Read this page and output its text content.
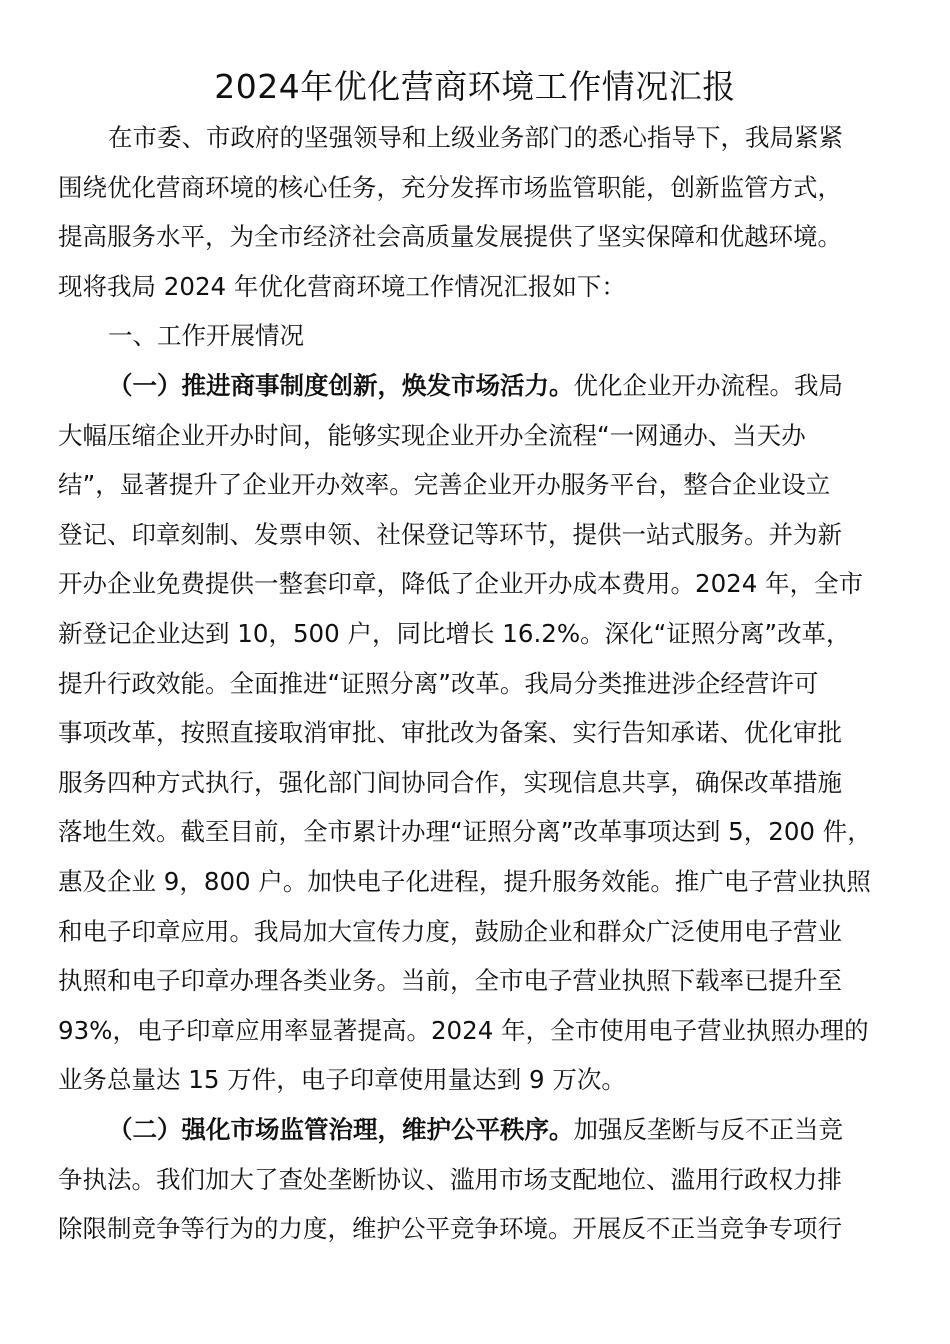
2024年优化营商环境工作情况汇报
在市委、市政府的坚强领导和上级业务部门的悉心指导下，我局紧紧
围绕优化营商环境的核心任务，充分发挥市场监管职能，创新监管方式，
提高服务水平，为全市经济社会高质量发展提供了坚实保障和优越环境。
现将我局 2024 年优化营商环境工作情况汇报如下：
一、工作开展情况
（一）推进商事制度创新，焕发市场活力。优化企业开办流程。我局
大幅压缩企业开办时间，能够实现企业开办全流程“一网通办、当天办
结”，显著提升了企业开办效率。完善企业开办服务平台，整合企业设立
登记、印章刻制、发票申领、社保登记等环节，提供一站式服务。并为新
开办企业免费提供一整套印章，降低了企业开办成本费用。2024 年，全市
新登记企业达到 10，500 户，同比增长 16.2%。深化“证照分离”改革，
提升行政效能。全面推进“证照分离”改革。我局分类推进涉企经营许可
事项改革，按照直接取消审批、审批改为备案、实行告知承诺、优化审批
服务四种方式执行，强化部门间协同合作，实现信息共享，确保改革措施
落地生效。截至目前，全市累计办理“证照分离”改革事项达到 5，200 件，
惠及企业 9，800 户。加快电子化进程，提升服务效能。推广电子营业执照
和电子印章应用。我局加大宣传力度，鼓励企业和群众广泛使用电子营业
执照和电子印章办理各类业务。当前，全市电子营业执照下载率已提升至
93%，电子印章应用率显著提高。2024 年，全市使用电子营业执照办理的
业务总量达 15 万件，电子印章使用量达到 9 万次。
（二）强化市场监管治理，维护公平秩序。加强反垄断与反不正当竞
争执法。我们加大了查处垄断协议、滥用市场支配地位、滥用行政权力排
除限制竞争等行为的力度，维护公平竞争环境。开展反不正当竞争专项行
